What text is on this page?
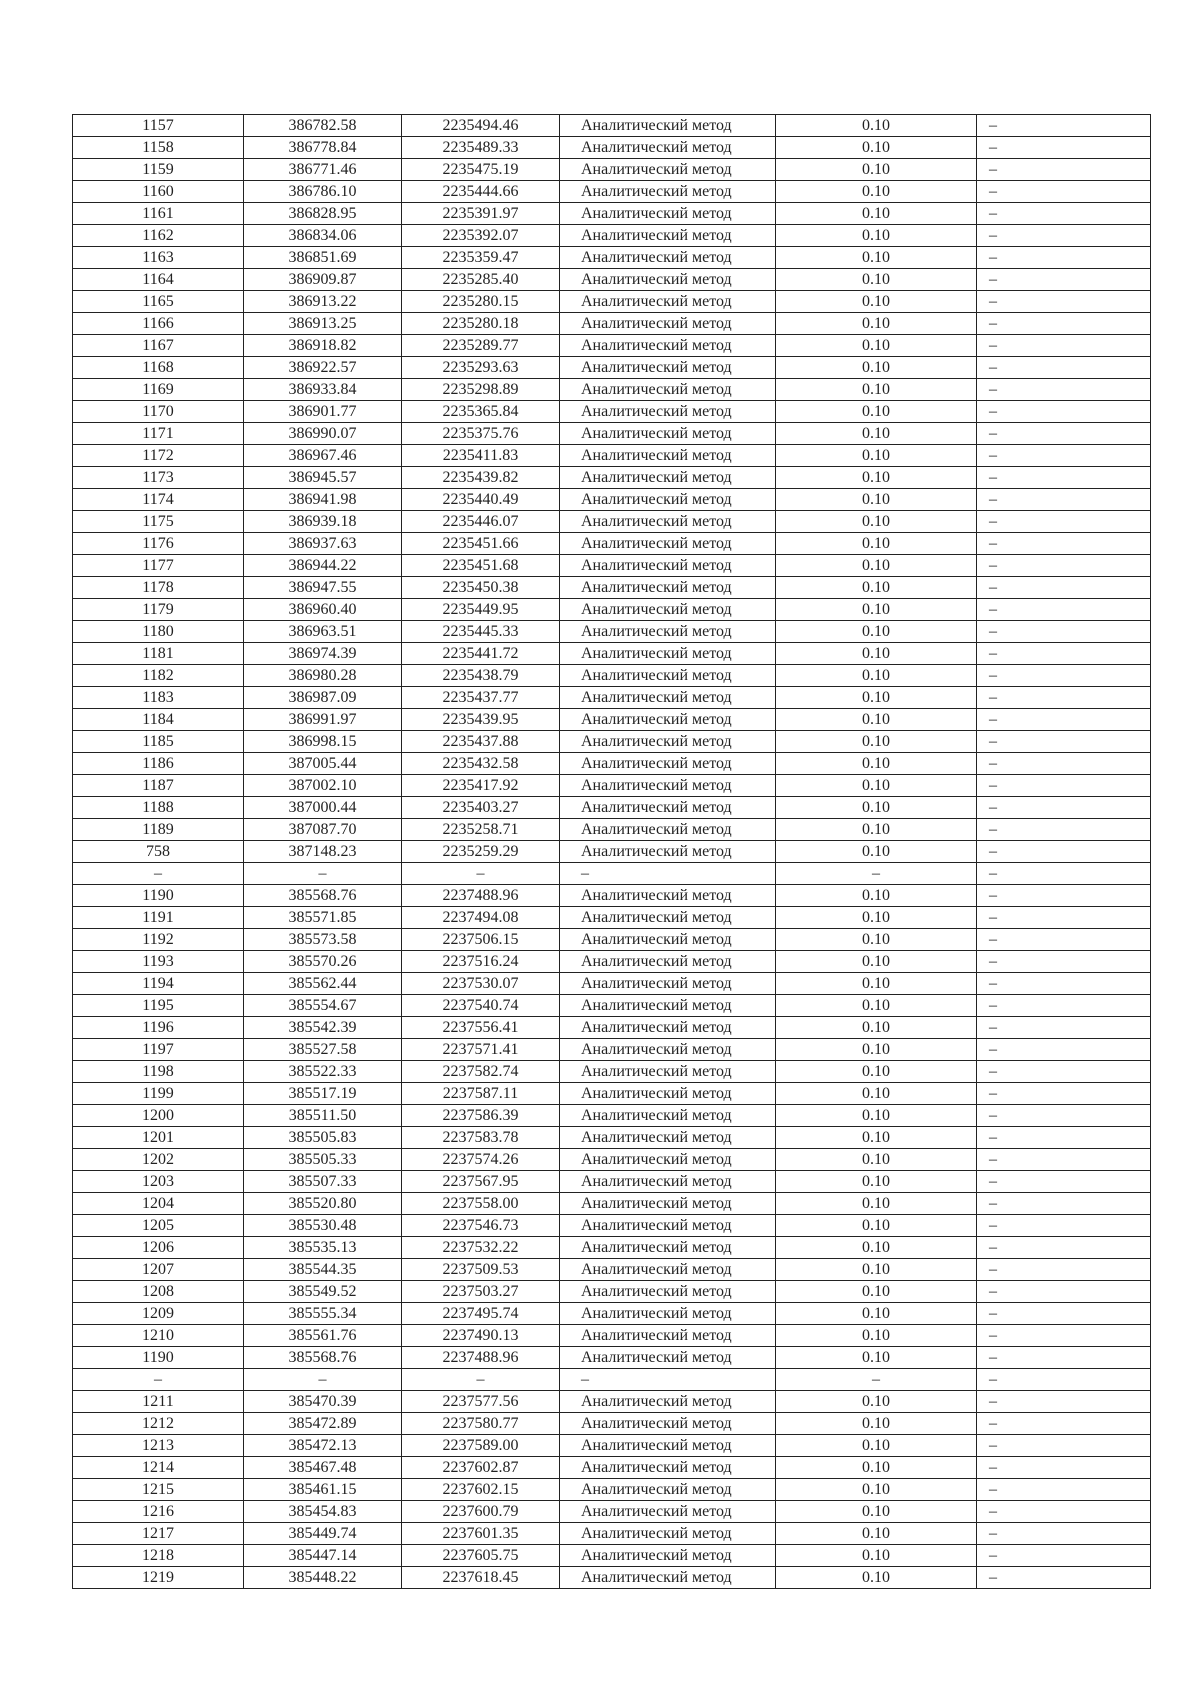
1157	386782.58	2235494.46	Аналитический метод	0.10	–
1158	386778.84	2235489.33	Аналитический метод	0.10	–
1159	386771.46	2235475.19	Аналитический метод	0.10	–
1160	386786.10	2235444.66	Аналитический метод	0.10	–
1161	386828.95	2235391.97	Аналитический метод	0.10	–
1162	386834.06	2235392.07	Аналитический метод	0.10	–
1163	386851.69	2235359.47	Аналитический метод	0.10	–
1164	386909.87	2235285.40	Аналитический метод	0.10	–
1165	386913.22	2235280.15	Аналитический метод	0.10	–
1166	386913.25	2235280.18	Аналитический метод	0.10	–
1167	386918.82	2235289.77	Аналитический метод	0.10	–
1168	386922.57	2235293.63	Аналитический метод	0.10	–
1169	386933.84	2235298.89	Аналитический метод	0.10	–
1170	386901.77	2235365.84	Аналитический метод	0.10	–
1171	386990.07	2235375.76	Аналитический метод	0.10	–
1172	386967.46	2235411.83	Аналитический метод	0.10	–
1173	386945.57	2235439.82	Аналитический метод	0.10	–
1174	386941.98	2235440.49	Аналитический метод	0.10	–
1175	386939.18	2235446.07	Аналитический метод	0.10	–
1176	386937.63	2235451.66	Аналитический метод	0.10	–
1177	386944.22	2235451.68	Аналитический метод	0.10	–
1178	386947.55	2235450.38	Аналитический метод	0.10	–
1179	386960.40	2235449.95	Аналитический метод	0.10	–
1180	386963.51	2235445.33	Аналитический метод	0.10	–
1181	386974.39	2235441.72	Аналитический метод	0.10	–
1182	386980.28	2235438.79	Аналитический метод	0.10	–
1183	386987.09	2235437.77	Аналитический метод	0.10	–
1184	386991.97	2235439.95	Аналитический метод	0.10	–
1185	386998.15	2235437.88	Аналитический метод	0.10	–
1186	387005.44	2235432.58	Аналитический метод	0.10	–
1187	387002.10	2235417.92	Аналитический метод	0.10	–
1188	387000.44	2235403.27	Аналитический метод	0.10	–
1189	387087.70	2235258.71	Аналитический метод	0.10	–
758	387148.23	2235259.29	Аналитический метод	0.10	–
–	–	–	–	–	–
1190	385568.76	2237488.96	Аналитический метод	0.10	–
1191	385571.85	2237494.08	Аналитический метод	0.10	–
1192	385573.58	2237506.15	Аналитический метод	0.10	–
1193	385570.26	2237516.24	Аналитический метод	0.10	–
1194	385562.44	2237530.07	Аналитический метод	0.10	–
1195	385554.67	2237540.74	Аналитический метод	0.10	–
1196	385542.39	2237556.41	Аналитический метод	0.10	–
1197	385527.58	2237571.41	Аналитический метод	0.10	–
1198	385522.33	2237582.74	Аналитический метод	0.10	–
1199	385517.19	2237587.11	Аналитический метод	0.10	–
1200	385511.50	2237586.39	Аналитический метод	0.10	–
1201	385505.83	2237583.78	Аналитический метод	0.10	–
1202	385505.33	2237574.26	Аналитический метод	0.10	–
1203	385507.33	2237567.95	Аналитический метод	0.10	–
1204	385520.80	2237558.00	Аналитический метод	0.10	–
1205	385530.48	2237546.73	Аналитический метод	0.10	–
1206	385535.13	2237532.22	Аналитический метод	0.10	–
1207	385544.35	2237509.53	Аналитический метод	0.10	–
1208	385549.52	2237503.27	Аналитический метод	0.10	–
1209	385555.34	2237495.74	Аналитический метод	0.10	–
1210	385561.76	2237490.13	Аналитический метод	0.10	–
1190	385568.76	2237488.96	Аналитический метод	0.10	–
–	–	–	–	–	–
1211	385470.39	2237577.56	Аналитический метод	0.10	–
1212	385472.89	2237580.77	Аналитический метод	0.10	–
1213	385472.13	2237589.00	Аналитический метод	0.10	–
1214	385467.48	2237602.87	Аналитический метод	0.10	–
1215	385461.15	2237602.15	Аналитический метод	0.10	–
1216	385454.83	2237600.79	Аналитический метод	0.10	–
1217	385449.74	2237601.35	Аналитический метод	0.10	–
1218	385447.14	2237605.75	Аналитический метод	0.10	–
1219	385448.22	2237618.45	Аналитический метод	0.10	–
